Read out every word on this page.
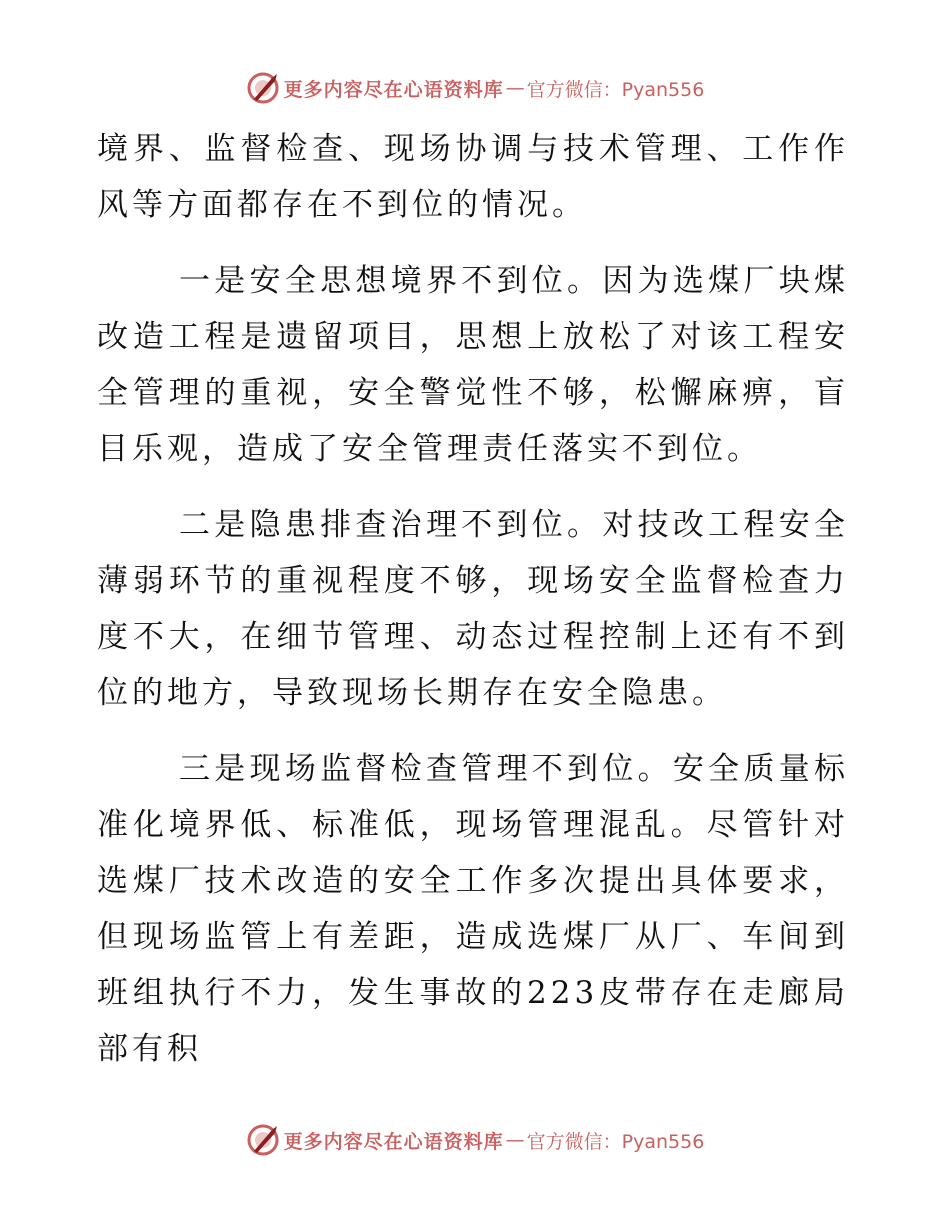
更多内容尽在心语资料库 — 官方微信：Pyan556

境界、监督检查、现场协调与技术管理、工作作风等方面都存在不到位的情况。

一是安全思想境界不到位。因为选煤厂块煤改造工程是遗留项目，思想上放松了对该工程安全管理的重视，安全警觉性不够，松懈麻痹，盲目乐观，造成了安全管理责任落实不到位。

二是隐患排查治理不到位。对技改工程安全薄弱环节的重视程度不够，现场安全监督检查力度不大，在细节管理、动态过程控制上还有不到位的地方，导致现场长期存在安全隐患。

三是现场监督检查管理不到位。安全质量标准化境界低、标准低，现场管理混乱。尽管针对选煤厂技术改造的安全工作多次提出具体要求，但现场监管上有差距，造成选煤厂从厂、车间到班组执行不力，发生事故的223皮带存在走廊局部有积

更多内容尽在心语资料库 — 官方微信：Pyan556
